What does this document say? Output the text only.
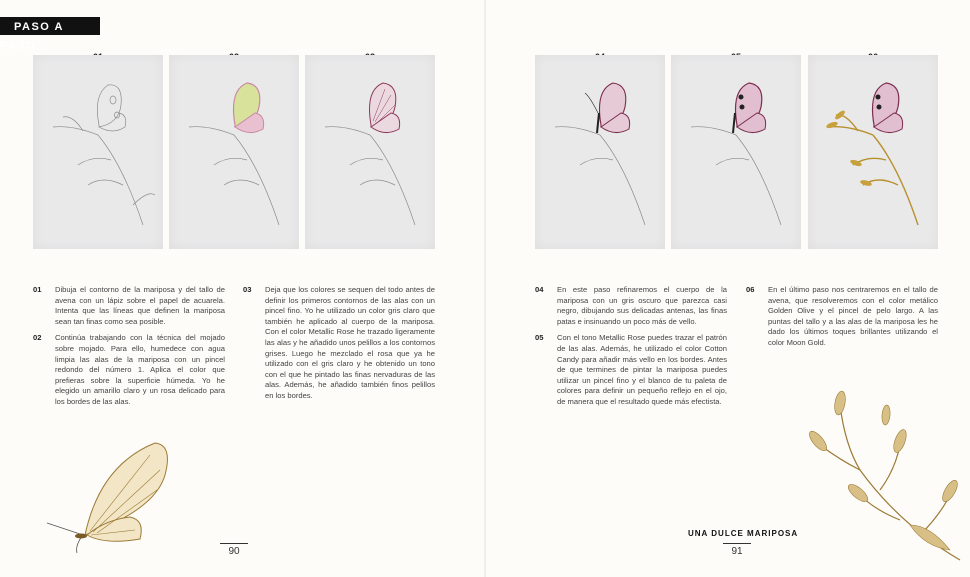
PASO A PASO
01	Dibuja el contorno de la mariposa y del tallo de avena con un lápiz sobre el papel de acuarela. Intenta que las líneas que definen la mariposa sean tan finas como sea posible.
02	Continúa trabajando con la técnica del mojado sobre mojado. Para ello, humedece con agua limpia las alas de la mariposa con un pincel redondo del número 1. Aplica el color que prefieras sobre la superficie húmeda. Yo he elegido un amarillo claro y un rosa delicado para los bordes de las alas.
03	Deja que los colores se sequen del todo antes de definir los primeros contornos de las alas con un pincel fino. Yo he utilizado un color gris claro que también he aplicado al cuerpo de la mariposa. Con el color Metallic Rose he trazado ligeramente las alas y he añadido unos pelillos a los contornos grises. Luego he mezclado el rosa que ya he utilizado con el gris claro y he obtenido un tono con el que he pintado las finas nervaduras de las alas. Además, he añadido también finos pelillos en los bordes.
04	En este paso refinaremos el cuerpo de la mariposa con un gris oscuro que parezca casi negro, dibujando sus delicadas antenas, las finas patas e insinuando un poco más de vello.
05	Con el tono Metallic Rose puedes trazar el patrón de las alas. Además, he utilizado el color Cotton Candy para añadir más vello en los bordes. Antes de que termines de pintar la mariposa puedes utilizar un pincel fino y el blanco de tu paleta de colores para definir un pequeño reflejo en el ojo, de manera que el resultado quede más efectista.
06	En el último paso nos centraremos en el tallo de avena, que resolveremos con el color metálico Golden Olive y el pincel de pelo largo. A las puntas del tallo y a las alas de la mariposa les he dado los últimos toques brillantes utilizando el color Moon Gold.
90
UNA DULCE MARIPOSA
91
